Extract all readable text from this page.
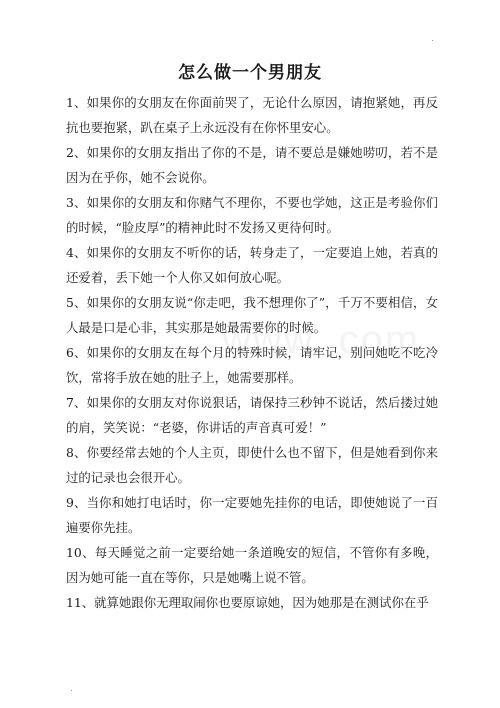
·
怎么做一个男朋友

1、如果你的女朋友在你面前哭了，无论什么原因，请抱紧她，再反抗也要抱紧，趴在桌子上永远没有在你怀里安心。

2、如果你的女朋友指出了你的不是，请不要总是嫌她唠叨，若不是因为在乎你，她不会说你。

3、如果你的女朋友和你赌气不理你，不要也学她，这正是考验你们的时候，“脸皮厚”的精神此时不发扬又更待何时。

4、如果你的女朋友不听你的话，转身走了，一定要追上她，若真的还爱着，丢下她一个人你又如何放心呢。

5、如果你的女朋友说“你走吧，我不想理你了”，千万不要相信，女人最是口是心非，其实那是她最需要你的时候。

6、如果你的女朋友在每个月的特殊时候，请牢记，别问她吃不吃冷饮，常将手放在她的肚子上，她需要那样。

7、如果你的女朋友对你说狠话，请保持三秒钟不说话，然后搂过她的肩，笑笑说：“老婆，你讲话的声音真可爱！”

8、你要经常去她的个人主页，即使什么也不留下，但是她看到你来过的记录也会很开心。

9、当你和她打电话时，你一定要她先挂你的电话，即使她说了一百遍要你先挂。

10、每天睡觉之前一定要给她一条道晚安的短信，不管你有多晚，因为她可能一直在等你，只是她嘴上说不管。

11、就算她跟你无理取闹你也要原谅她，因为她那是在测试你在乎

·
